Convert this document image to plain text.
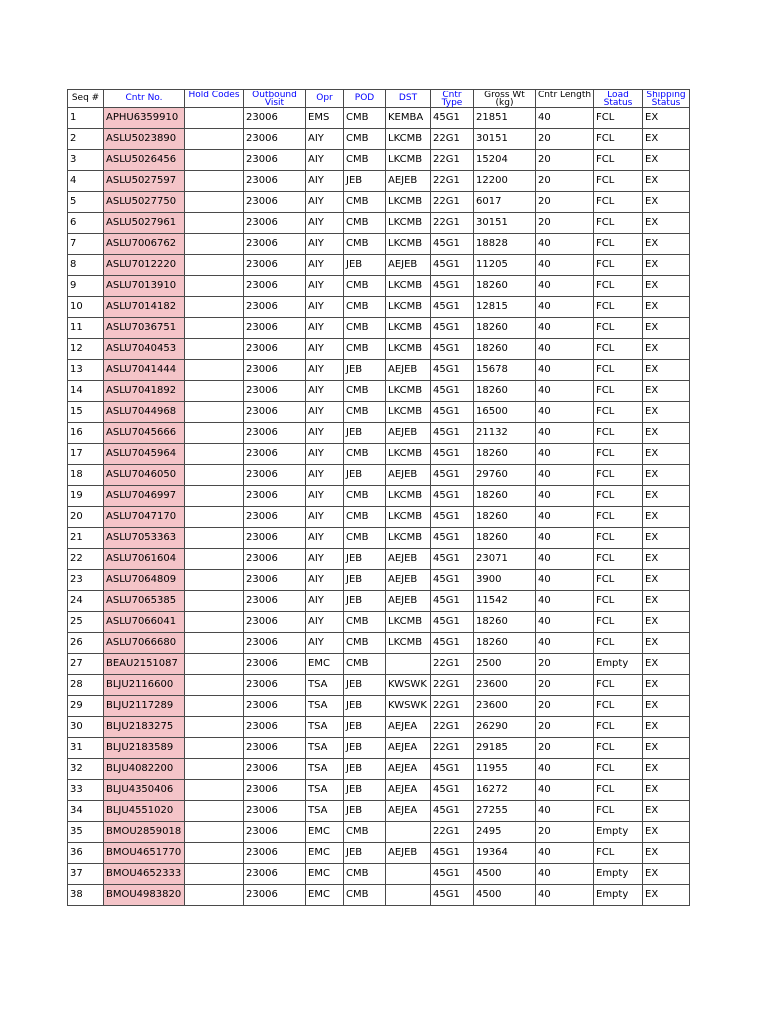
Seq #	Cntr No.	Hold Codes	Outbound Visit	Opr	POD	DST	Cntr Type	Gross Wt (kg)	Cntr Length	Load Status	Shipping Status

1	APHU6359910		23006	EMS	CMB	KEMBA	45G1	21851	40	FCL	EX
2	ASLU5023890		23006	AIY	CMB	LKCMB	22G1	30151	20	FCL	EX
3	ASLU5026456		23006	AIY	CMB	LKCMB	22G1	15204	20	FCL	EX
4	ASLU5027597		23006	AIY	JEB	AEJEB	22G1	12200	20	FCL	EX
5	ASLU5027750		23006	AIY	CMB	LKCMB	22G1	6017	20	FCL	EX
6	ASLU5027961		23006	AIY	CMB	LKCMB	22G1	30151	20	FCL	EX
7	ASLU7006762		23006	AIY	CMB	LKCMB	45G1	18828	40	FCL	EX
8	ASLU7012220		23006	AIY	JEB	AEJEB	45G1	11205	40	FCL	EX
9	ASLU7013910		23006	AIY	CMB	LKCMB	45G1	18260	40	FCL	EX
10	ASLU7014182		23006	AIY	CMB	LKCMB	45G1	12815	40	FCL	EX
11	ASLU7036751		23006	AIY	CMB	LKCMB	45G1	18260	40	FCL	EX
12	ASLU7040453		23006	AIY	CMB	LKCMB	45G1	18260	40	FCL	EX
13	ASLU7041444		23006	AIY	JEB	AEJEB	45G1	15678	40	FCL	EX
14	ASLU7041892		23006	AIY	CMB	LKCMB	45G1	18260	40	FCL	EX
15	ASLU7044968		23006	AIY	CMB	LKCMB	45G1	16500	40	FCL	EX
16	ASLU7045666		23006	AIY	JEB	AEJEB	45G1	21132	40	FCL	EX
17	ASLU7045964		23006	AIY	CMB	LKCMB	45G1	18260	40	FCL	EX
18	ASLU7046050		23006	AIY	JEB	AEJEB	45G1	29760	40	FCL	EX
19	ASLU7046997		23006	AIY	CMB	LKCMB	45G1	18260	40	FCL	EX
20	ASLU7047170		23006	AIY	CMB	LKCMB	45G1	18260	40	FCL	EX
21	ASLU7053363		23006	AIY	CMB	LKCMB	45G1	18260	40	FCL	EX
22	ASLU7061604		23006	AIY	JEB	AEJEB	45G1	23071	40	FCL	EX
23	ASLU7064809		23006	AIY	JEB	AEJEB	45G1	3900	40	FCL	EX
24	ASLU7065385		23006	AIY	JEB	AEJEB	45G1	11542	40	FCL	EX
25	ASLU7066041		23006	AIY	CMB	LKCMB	45G1	18260	40	FCL	EX
26	ASLU7066680		23006	AIY	CMB	LKCMB	45G1	18260	40	FCL	EX
27	BEAU2151087		23006	EMC	CMB		22G1	2500	20	Empty	EX
28	BLJU2116600		23006	TSA	JEB	KWSWK	22G1	23600	20	FCL	EX
29	BLJU2117289		23006	TSA	JEB	KWSWK	22G1	23600	20	FCL	EX
30	BLJU2183275		23006	TSA	JEB	AEJEA	22G1	26290	20	FCL	EX
31	BLJU2183589		23006	TSA	JEB	AEJEA	22G1	29185	20	FCL	EX
32	BLJU4082200		23006	TSA	JEB	AEJEA	45G1	11955	40	FCL	EX
33	BLJU4350406		23006	TSA	JEB	AEJEA	45G1	16272	40	FCL	EX
34	BLJU4551020		23006	TSA	JEB	AEJEA	45G1	27255	40	FCL	EX
35	BMOU2859018		23006	EMC	CMB		22G1	2495	20	Empty	EX
36	BMOU4651770		23006	EMC	JEB	AEJEB	45G1	19364	40	FCL	EX
37	BMOU4652333		23006	EMC	CMB		45G1	4500	40	Empty	EX
38	BMOU4983820		23006	EMC	CMB		45G1	4500	40	Empty	EX
